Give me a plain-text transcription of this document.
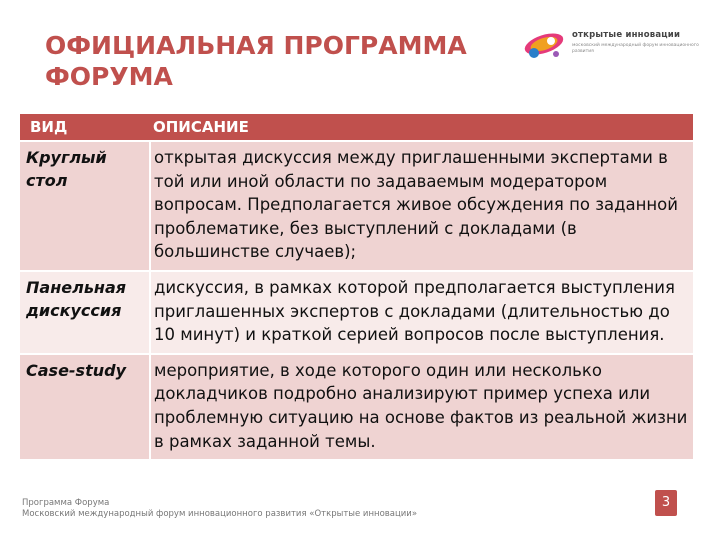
ОФИЦИАЛЬНАЯ ПРОГРАММА
ФОРУМА
открытые инновации
московский международный форум инновационного развития
ВИД	ОПИСАНИЕ

Круглый
стол	открытая дискуссия между приглашенными экспертами в той или иной области по задаваемым модератором вопросам. Предполагается живое обсуждения по заданной проблематике, без выступлений с докладами (в большинстве случаев);

Панельная
дискуссия	дискуссия, в рамках которой предполагается выступления приглашенных экспертов с докладами (длительностью до 10 минут) и краткой серией вопросов после выступления.

Case-study	мероприятие, в ходе которого один или несколько докладчиков подробно анализируют пример успеха или проблемную ситуацию на основе фактов из реальной жизни в рамках заданной темы.
Программа Форума
Московский международный форум инновационного развития «Открытые инновации»
3
